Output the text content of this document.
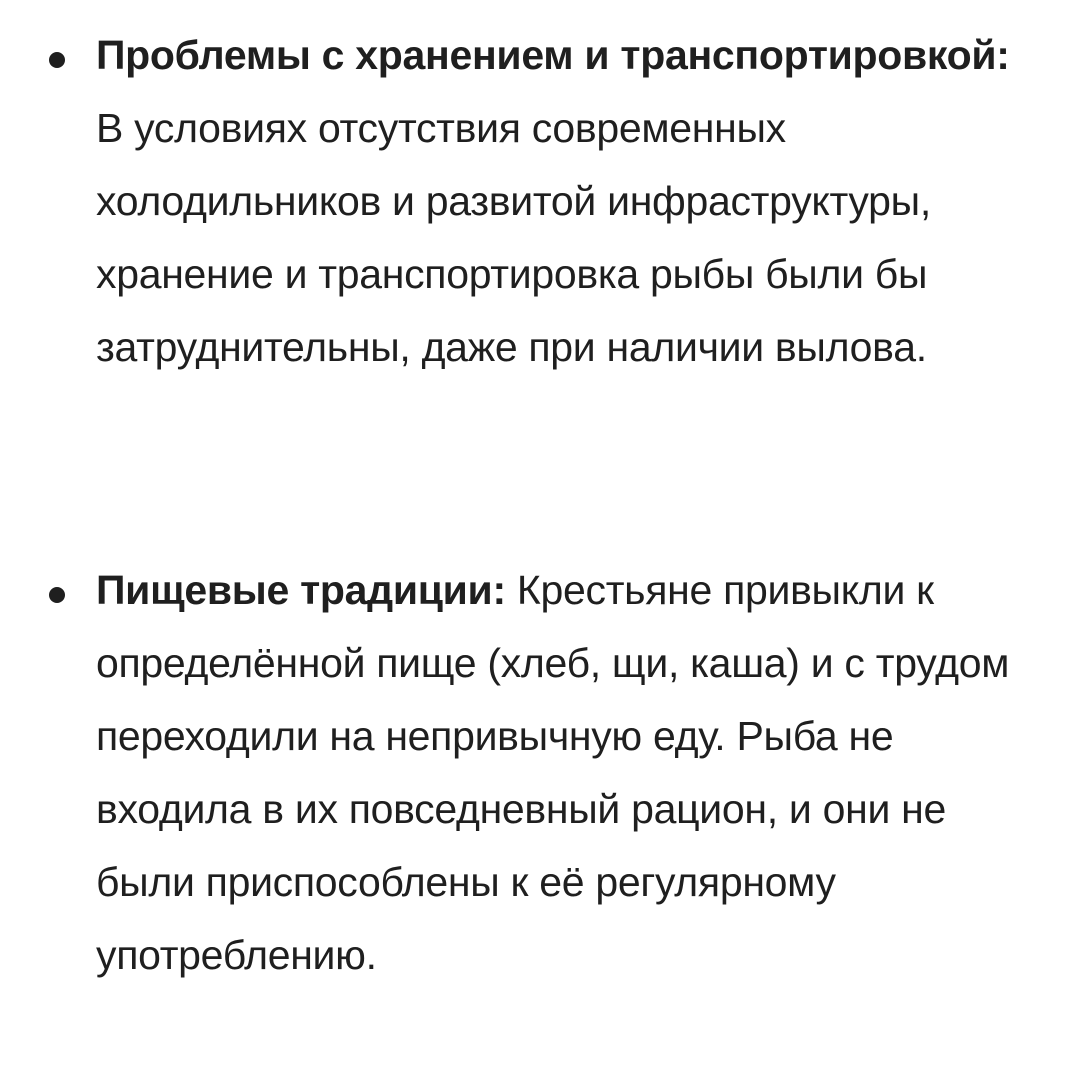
Проблемы с хранением и транспортировкой: В условиях отсутствия современных холодильников и развитой инфраструктуры, хранение и транспортировка рыбы были бы затруднительны, даже при наличии вылова.

Пищевые традиции: Крестьяне привыкли к определённой пище (хлеб, щи, каша) и с трудом переходили на непривычную еду. Рыба не входила в их повседневный рацион, и они не были приспособлены к её регулярному употреблению.
